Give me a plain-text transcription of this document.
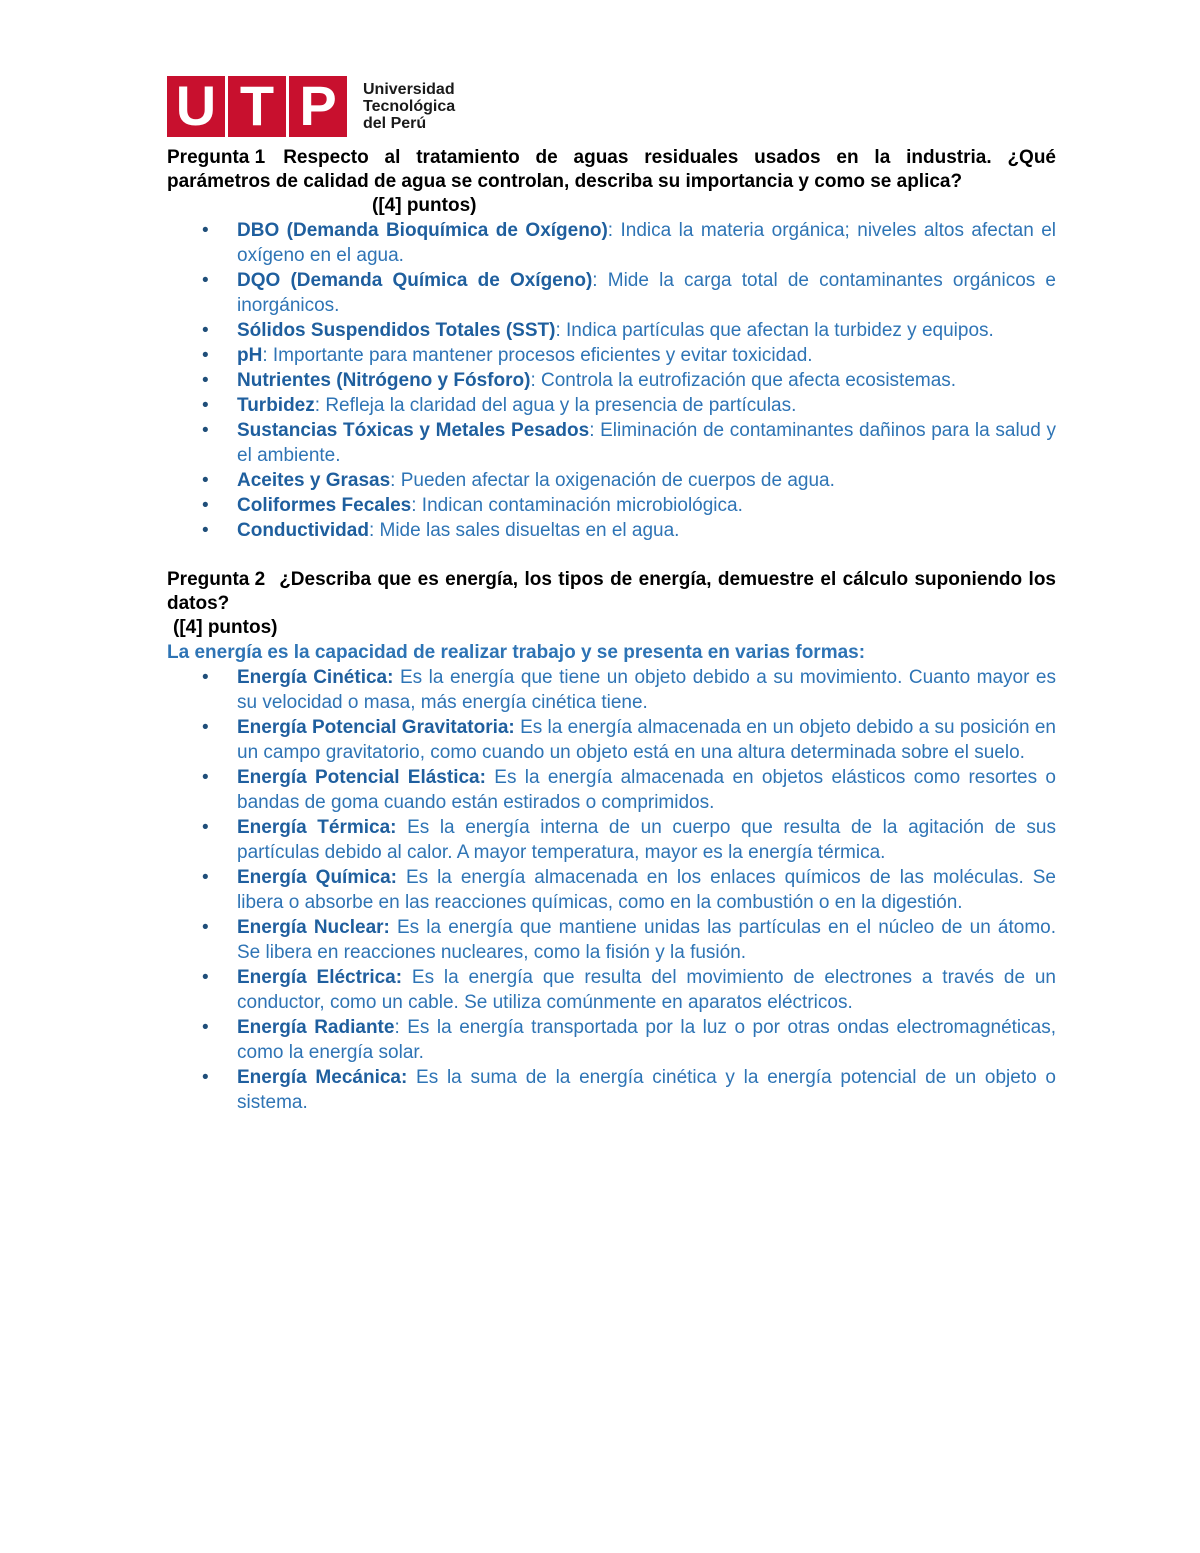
U T P	Universidad
Tecnológica
del Perú
Pregunta 1 Respecto al tratamiento de aguas residuales usados en la industria. ¿Qué parámetros de calidad de agua se controlan, describa su importancia y como se aplica?
([4] puntos)
• DBO (Demanda Bioquímica de Oxígeno): Indica la materia orgánica; niveles altos afectan el oxígeno en el agua.
• DQO (Demanda Química de Oxígeno): Mide la carga total de contaminantes orgánicos e inorgánicos.
• Sólidos Suspendidos Totales (SST): Indica partículas que afectan la turbidez y equipos.
• pH: Importante para mantener procesos eficientes y evitar toxicidad.
• Nutrientes (Nitrógeno y Fósforo): Controla la eutrofización que afecta ecosistemas.
• Turbidez: Refleja la claridad del agua y la presencia de partículas.
• Sustancias Tóxicas y Metales Pesados: Eliminación de contaminantes dañinos para la salud y el ambiente.
• Aceites y Grasas: Pueden afectar la oxigenación de cuerpos de agua.
• Coliformes Fecales: Indican contaminación microbiológica.
• Conductividad: Mide las sales disueltas en el agua.
Pregunta 2 ¿Describa que es energía, los tipos de energía, demuestre el cálculo suponiendo los datos?
([4] puntos)
La energía es la capacidad de realizar trabajo y se presenta en varias formas:
• Energía Cinética: Es la energía que tiene un objeto debido a su movimiento. Cuanto mayor es su velocidad o masa, más energía cinética tiene.
• Energía Potencial Gravitatoria: Es la energía almacenada en un objeto debido a su posición en un campo gravitatorio, como cuando un objeto está en una altura determinada sobre el suelo.
• Energía Potencial Elástica: Es la energía almacenada en objetos elásticos como resortes o bandas de goma cuando están estirados o comprimidos.
• Energía Térmica: Es la energía interna de un cuerpo que resulta de la agitación de sus partículas debido al calor. A mayor temperatura, mayor es la energía térmica.
• Energía Química: Es la energía almacenada en los enlaces químicos de las moléculas. Se libera o absorbe en las reacciones químicas, como en la combustión o en la digestión.
• Energía Nuclear: Es la energía que mantiene unidas las partículas en el núcleo de un átomo. Se libera en reacciones nucleares, como la fisión y la fusión.
• Energía Eléctrica: Es la energía que resulta del movimiento de electrones a través de un conductor, como un cable. Se utiliza comúnmente en aparatos eléctricos.
• Energía Radiante: Es la energía transportada por la luz o por otras ondas electromagnéticas, como la energía solar.
• Energía Mecánica: Es la suma de la energía cinética y la energía potencial de un objeto o sistema.
